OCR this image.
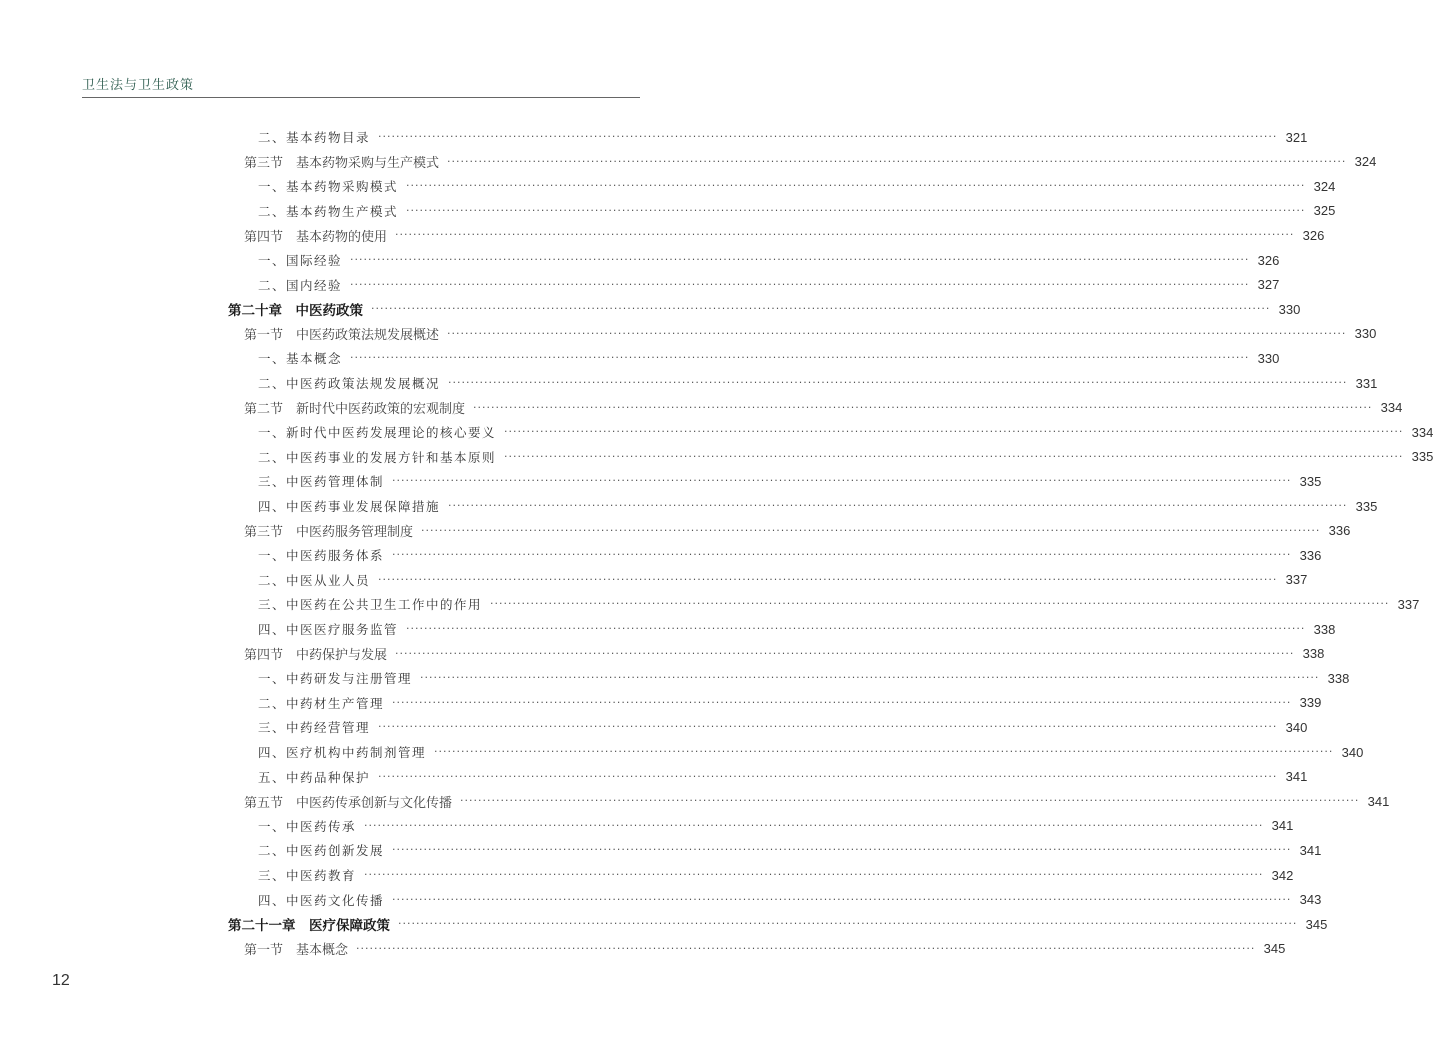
卫生法与卫生政策
二、基本药物目录 ········································································································································································································ 321
第三节　基本药物采购与生产模式 ········································································································································································································ 324
一、基本药物采购模式 ········································································································································································································ 324
二、基本药物生产模式 ········································································································································································································ 325
第四节　基本药物的使用 ········································································································································································································ 326
一、国际经验 ········································································································································································································ 326
二、国内经验 ········································································································································································································ 327
第二十章　中医药政策 ········································································································································································································ 330
第一节　中医药政策法规发展概述 ········································································································································································································ 330
一、基本概念 ········································································································································································································ 330
二、中医药政策法规发展概况 ········································································································································································································ 331
第二节　新时代中医药政策的宏观制度 ········································································································································································································ 334
一、新时代中医药发展理论的核心要义 ········································································································································································································ 334
二、中医药事业的发展方针和基本原则 ········································································································································································································ 335
三、中医药管理体制 ········································································································································································································ 335
四、中医药事业发展保障措施 ········································································································································································································ 335
第三节　中医药服务管理制度 ········································································································································································································ 336
一、中医药服务体系 ········································································································································································································ 336
二、中医从业人员 ········································································································································································································ 337
三、中医药在公共卫生工作中的作用 ········································································································································································································ 337
四、中医医疗服务监管 ········································································································································································································ 338
第四节　中药保护与发展 ········································································································································································································ 338
一、中药研发与注册管理 ········································································································································································································ 338
二、中药材生产管理 ········································································································································································································ 339
三、中药经营管理 ········································································································································································································ 340
四、医疗机构中药制剂管理 ········································································································································································································ 340
五、中药品种保护 ········································································································································································································ 341
第五节　中医药传承创新与文化传播 ········································································································································································································ 341
一、中医药传承 ········································································································································································································ 341
二、中医药创新发展 ········································································································································································································ 341
三、中医药教育 ········································································································································································································ 342
四、中医药文化传播 ········································································································································································································ 343
第二十一章　医疗保障政策 ········································································································································································································ 345
第一节　基本概念 ········································································································································································································ 345
12
